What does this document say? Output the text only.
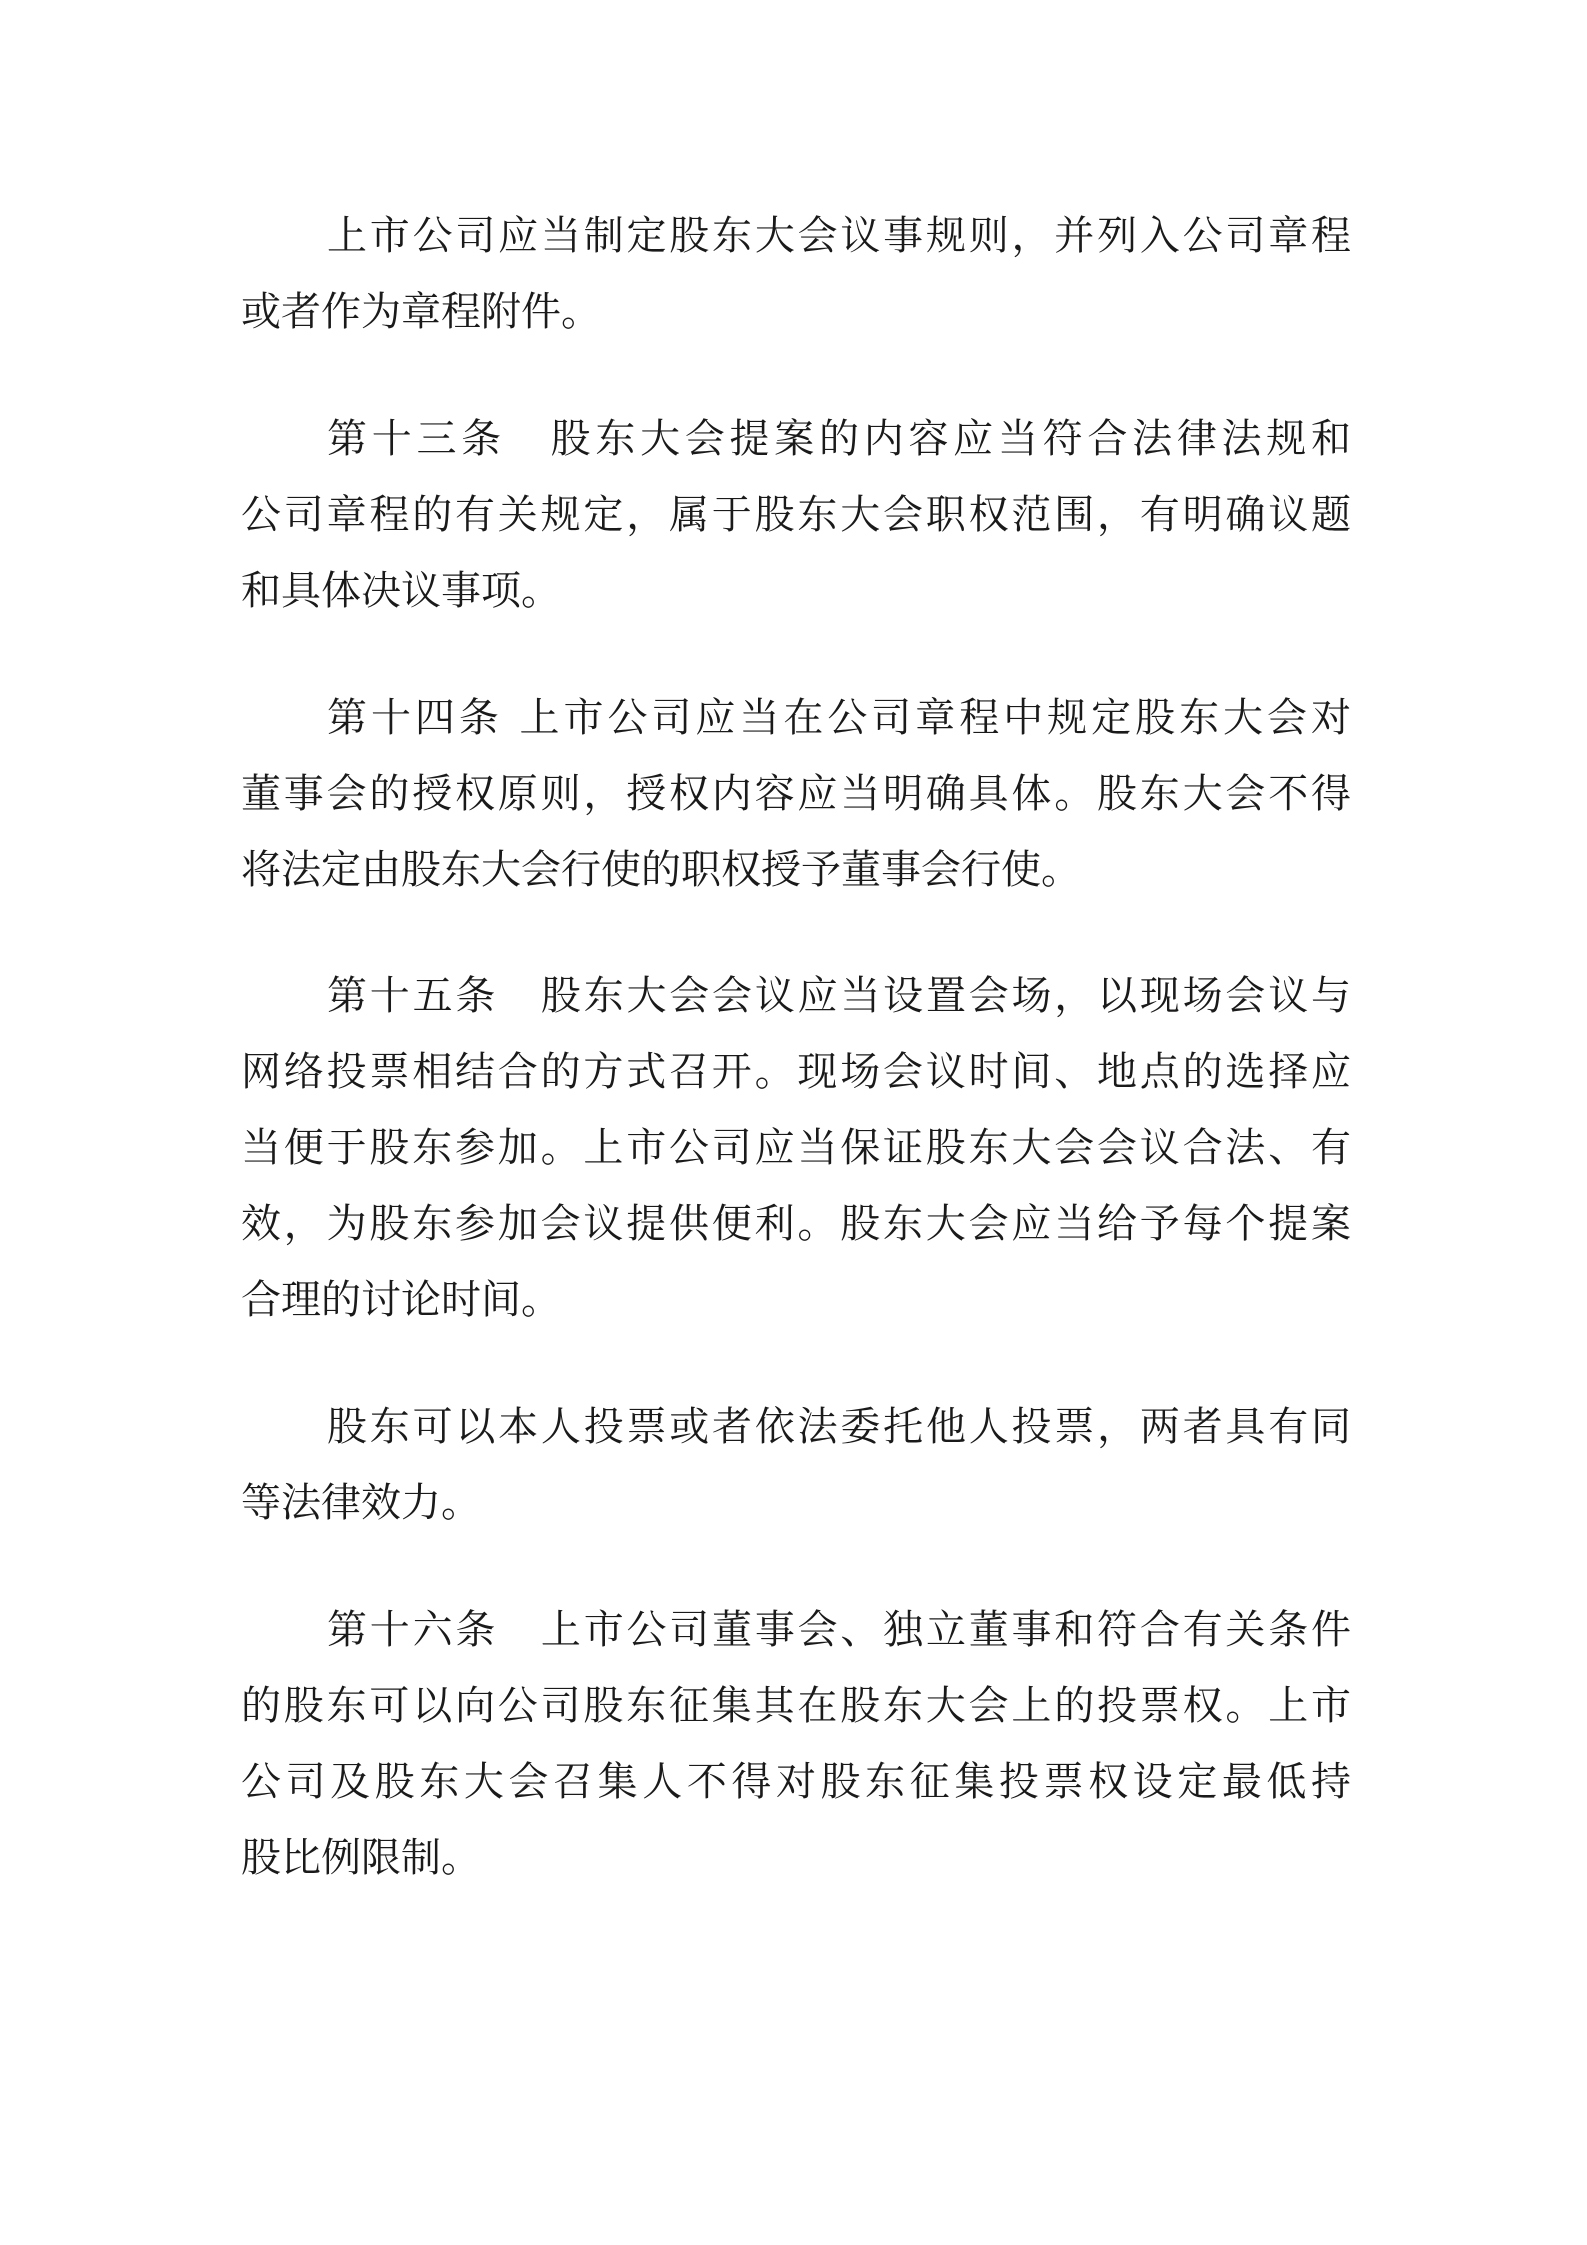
上市公司应当制定股东大会议事规则，并列入公司章程
或者作为章程附件。
第十三条　股东大会提案的内容应当符合法律法规和
公司章程的有关规定，属于股东大会职权范围，有明确议题
和具体决议事项。
第十四条 上市公司应当在公司章程中规定股东大会对
董事会的授权原则，授权内容应当明确具体。股东大会不得
将法定由股东大会行使的职权授予董事会行使。
第十五条　股东大会会议应当设置会场，以现场会议与
网络投票相结合的方式召开。现场会议时间、地点的选择应
当便于股东参加。上市公司应当保证股东大会会议合法、有
效，为股东参加会议提供便利。股东大会应当给予每个提案
合理的讨论时间。
股东可以本人投票或者依法委托他人投票，两者具有同
等法律效力。
第十六条　上市公司董事会、独立董事和符合有关条件
的股东可以向公司股东征集其在股东大会上的投票权。上市
公司及股东大会召集人不得对股东征集投票权设定最低持
股比例限制。
